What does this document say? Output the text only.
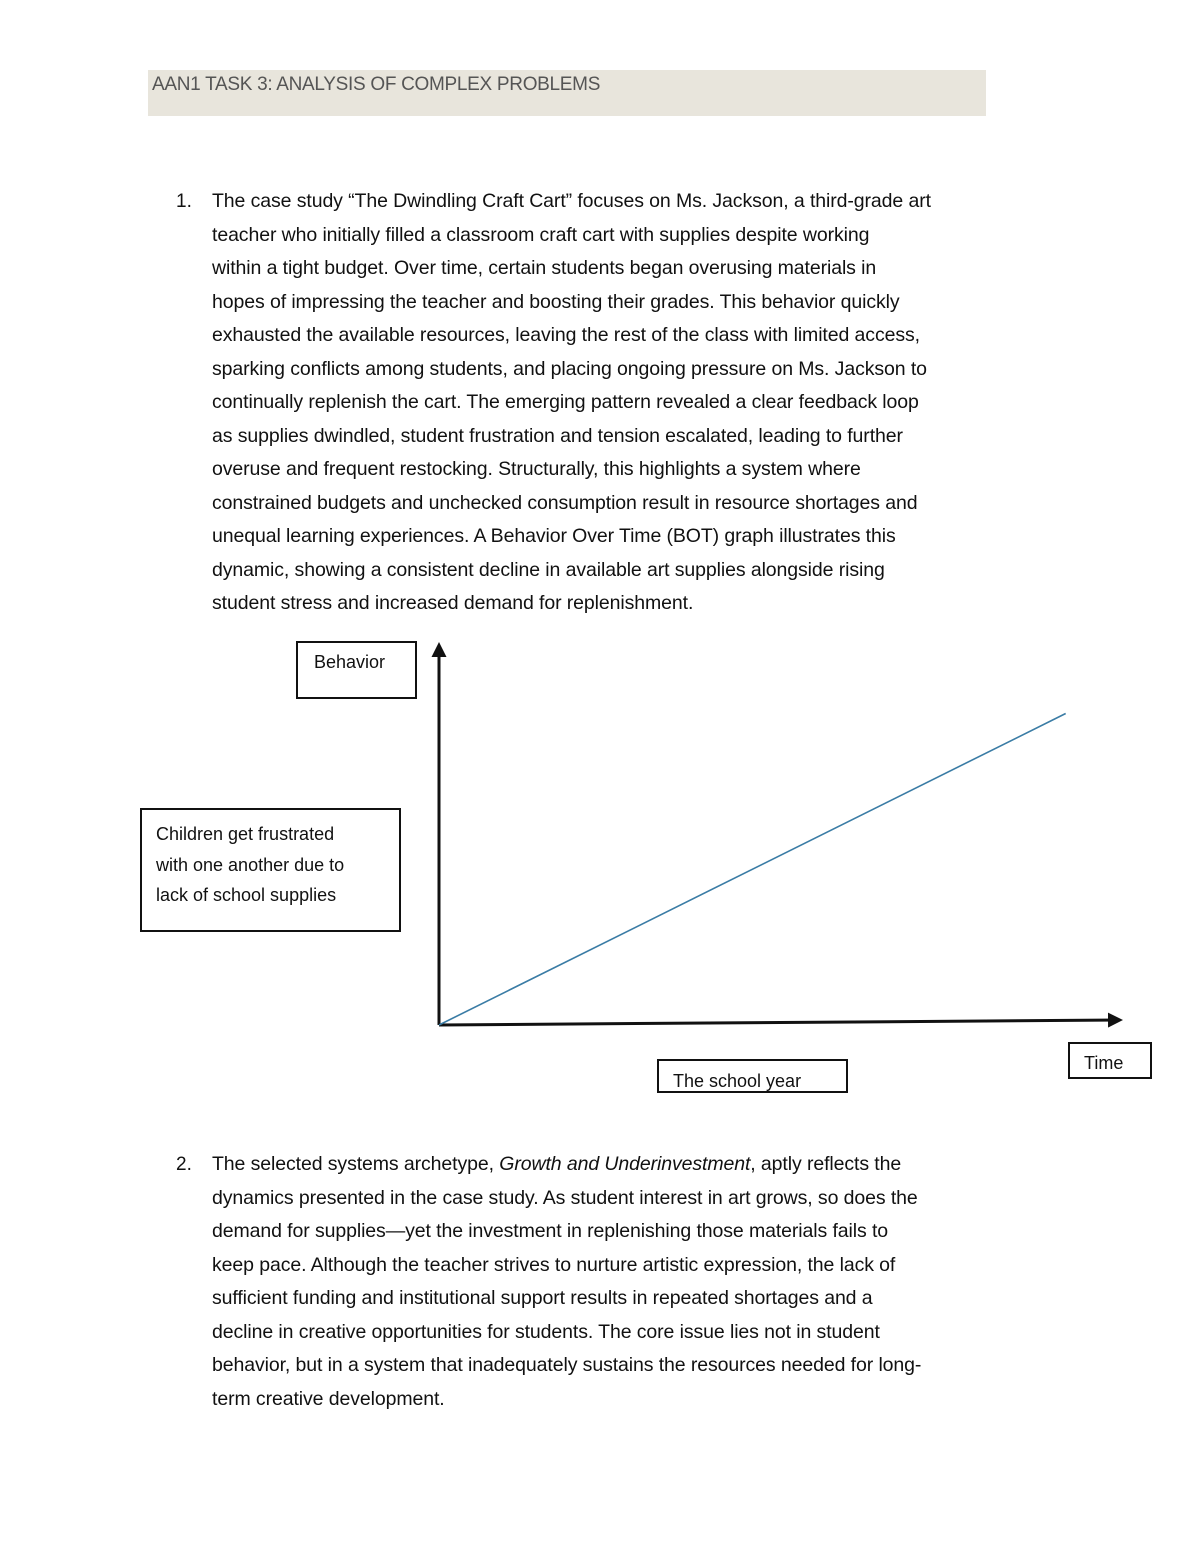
AAN1 TASK 3: ANALYSIS OF COMPLEX PROBLEMS
1. The case study “The Dwindling Craft Cart” focuses on Ms. Jackson, a third-grade art
teacher who initially filled a classroom craft cart with supplies despite working
within a tight budget. Over time, certain students began overusing materials in
hopes of impressing the teacher and boosting their grades. This behavior quickly
exhausted the available resources, leaving the rest of the class with limited access,
sparking conflicts among students, and placing ongoing pressure on Ms. Jackson to
continually replenish the cart. The emerging pattern revealed a clear feedback loop
as supplies dwindled, student frustration and tension escalated, leading to further
overuse and frequent restocking. Structurally, this highlights a system where
constrained budgets and unchecked consumption result in resource shortages and
unequal learning experiences. A Behavior Over Time (BOT) graph illustrates this
dynamic, showing a consistent decline in available art supplies alongside rising
student stress and increased demand for replenishment.
Behavior
Children get frustrated
with one another due to
lack of school supplies
Time
The school year
2. The selected systems archetype, Growth and Underinvestment, aptly reflects the
dynamics presented in the case study. As student interest in art grows, so does the
demand for supplies—yet the investment in replenishing those materials fails to
keep pace. Although the teacher strives to nurture artistic expression, the lack of
sufficient funding and institutional support results in repeated shortages and a
decline in creative opportunities for students. The core issue lies not in student
behavior, but in a system that inadequately sustains the resources needed for long-
term creative development.
